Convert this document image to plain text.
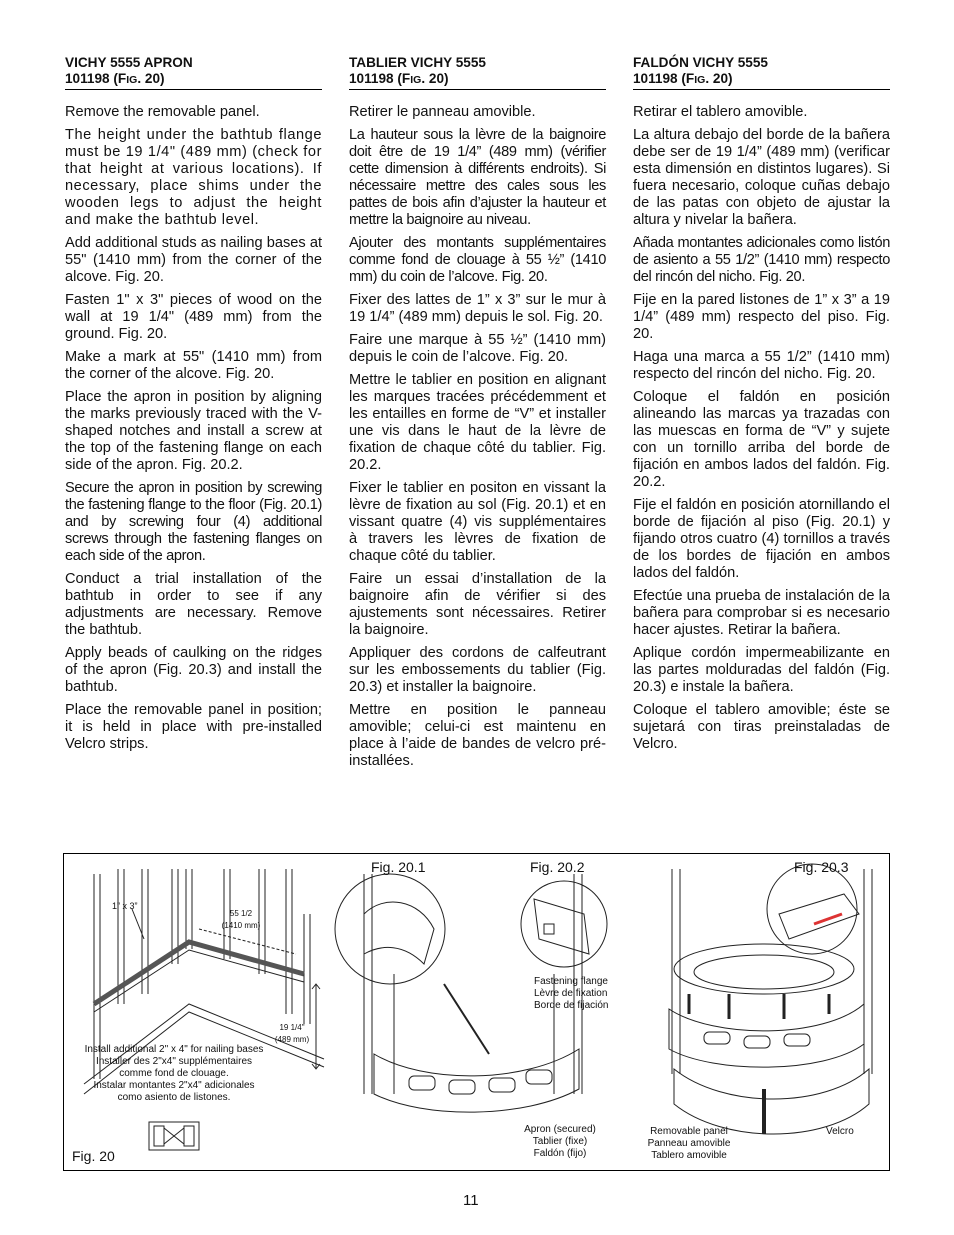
VICHY 5555 APRON
101198 (FIG. 20)

Remove the removable panel.

The height under the bathtub flange must be 19 1/4" (489 mm) (check for that height at various locations). If necessary, place shims under the wooden legs to adjust the height and make the bathtub level.

Add additional studs as nailing bases at 55" (1410 mm) from the corner of the alcove. Fig. 20.

Fasten 1" x 3" pieces of wood on the wall at 19 1/4" (489 mm) from the ground. Fig. 20.

Make a mark at 55" (1410 mm) from the corner of the alcove. Fig. 20.

Place the apron in position by aligning the marks previously traced with the V-shaped notches and install a screw at the top of the fastening flange on each side of the apron. Fig. 20.2.

Secure the apron in position by screwing the fastening flange to the floor (Fig. 20.1) and by screwing four (4) additional screws through the fastening flanges on each side of the apron.

Conduct a trial installation of the bathtub in order to see if any adjustments are necessary. Remove the bathtub.

Apply beads of caulking on the ridges of the apron (Fig. 20.3) and install the bathtub.

Place the removable panel in position; it is held in place with pre-installed Velcro strips.

TABLIER VICHY 5555
101198 (FIG. 20)

Retirer le panneau amovible.

La hauteur sous la lèvre de la baignoire doit être de 19 1/4” (489 mm) (vérifier cette dimension à différents endroits). Si nécessaire mettre des cales sous les pattes de bois afin d’ajuster la hauteur et mettre la baignoire au niveau.

Ajouter des montants supplémentaires comme fond de clouage à 55 ½” (1410 mm) du coin de l’alcove. Fig. 20.

Fixer des lattes de 1” x 3” sur le mur à 19 1/4” (489 mm) depuis le sol. Fig. 20.

Faire une marque à 55 ½” (1410 mm) depuis le coin de l’alcove. Fig. 20.

Mettre le tablier en position en alignant les marques tracées précédemment et les entailles en forme de “V” et installer une vis dans le haut de la lèvre de fixation de chaque côté du tablier. Fig. 20.2.

Fixer le tablier en positon en vissant la lèvre de fixation au sol (Fig. 20.1) et en vissant quatre (4) vis supplémentaires à travers les lèvres de fixation de chaque côté du tablier.

Faire un essai d’installation de la baignoire afin de vérifier si des ajustements sont nécessaires. Retirer la baignoire.

Appliquer des cordons de calfeutrant sur les embossements du tablier (Fig. 20.3) et installer la baignoire.

Mettre en position le panneau amovible; celui-ci est maintenu en place à l’aide de bandes de velcro pré-installées.

FALDÓN VICHY 5555
101198 (FIG. 20)

Retirar el tablero amovible.

La altura debajo del borde de la bañera debe ser de 19 1/4” (489 mm) (verificar esta dimensión en distintos lugares). Si fuera necesario, coloque cuñas debajo de las patas con objeto de ajustar la altura y nivelar la bañera.

Añada montantes adicionales como listón de asiento a 55 1/2” (1410 mm) respecto del rincón del nicho. Fig. 20.

Fije en la pared listones de 1” x 3” a 19 1/4” (489 mm) respecto del piso. Fig. 20.

Haga una marca a 55 1/2” (1410 mm) respecto del rincón del nicho. Fig. 20.

Coloque el faldón en posición alineando las marcas ya trazadas con las muescas en forma de “V” y sujete con un tornillo arriba del borde de fijación en ambos lados del faldón. Fig. 20.2.

Fije el faldón en posición atornillando el borde de fijación al piso (Fig. 20.1) y fijando otros cuatro (4) tornillos a través de los bordes de fijación en ambos lados del faldón.

Efectúe una prueba de instalación de la bañera para comprobar si es necesario hacer ajustes. Retirar la bañera.

Aplique cordón impermeabilizante en las partes molduradas del faldón (Fig. 20.3) e instale la bañera.

Coloque el tablero amovible; éste se sujetará con tiras preinstaladas de Velcro.

Fig. 20
Fig. 20.1	Fig. 20.2	Fig. 20.3
1” x 3”
55 1/2
(1410 mm)
19 1/4"
(489 mm)
Install additional 2" x 4" for nailing bases
Installer des 2"x4" supplémentaires comme fond de clouage.
Instalar montantes 2"x4" adicionales como asiento de listones.
Fastening flange
Lèvre de fixation
Borde de fijación
Apron (secured)
Tablier (fixe)
Faldón (fijo)
Removable panel
Panneau amovible
Tablero amovible
Velcro
11
